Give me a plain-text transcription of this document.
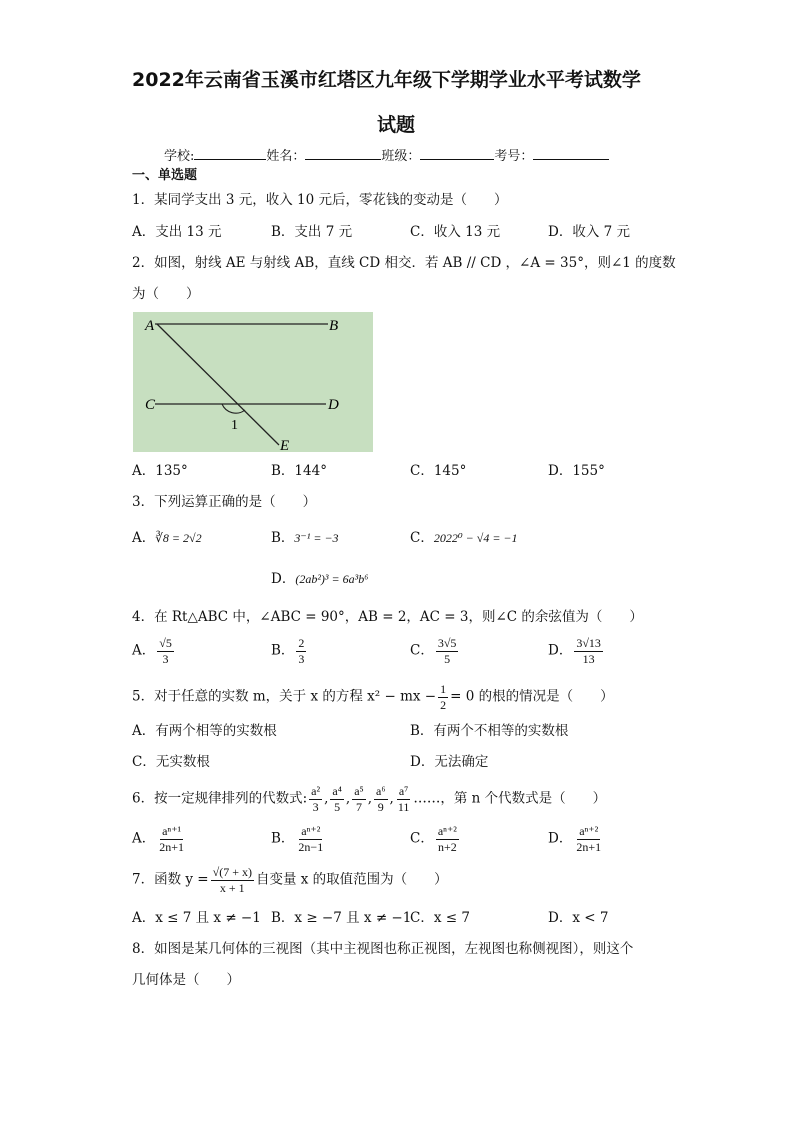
2022年云南省玉溪市红塔区九年级下学期学业水平考试数学
试题
学校:	姓名：	班级：	考号：
一、单选题
1．某同学支出 3 元，收入 10 元后，零花钱的变动是（　　）
A．支出 13 元	B．支出 7 元	C．收入 13 元	D．收入 7 元
2．如图，射线 AE 与射线 AB，直线 CD 相交．若 AB // CD ，∠A = 35°，则∠1 的度数
为（　　）
A	B
C	D
E
1
A．135°	B．144°	C．145°	D．155°
3．下列运算正确的是（　　）
A．∛8 = 2√2	B．3⁻¹ = −3	C．2022⁰ − √4 = −1
D．(2ab²)³ = 6a³b⁶
4．在 Rt△ABC 中，∠ABC = 90°，AB = 2，AC = 3，则∠C 的余弦值为（　　）
A． $\frac{√5}{3}$	B． $\frac{2}{3}$	C． $\frac{3√5}{5}$	D． $\frac{3√13}{13}$
5．对于任意的实数 m，关于 x 的方程 x² − mx − $\frac{1}{2} = 0$ 的根的情况是（　　）
A．有两个相等的实数根	B．有两个不相等的实数根
C．无实数根	D．无法确定
6．按一定规律排列的代数式: $\frac{\text{a²}}{3}$ , $\frac{\text{a⁴}}{5}$ , $\frac{\text{a⁵}}{7}$ , $\frac{\text{a⁶}}{9}$ , $\frac{\text{a⁷}}{11}$ ……，第 n 个代数式是（　　）
A． $\frac{\text{aⁿ⁺¹}}{2n+1}$	B． $\frac{\text{aⁿ⁺²}}{2n-1}$	C． $\frac{\text{aⁿ⁺²}}{n+2}$	D． $\frac{\text{aⁿ⁺²}}{2n+1}$
7．函数 $y = \frac{√(7 + x)}{x + 1}$ 自变量 x 的取值范围为（　　）
A．x ≤ 7 且 x ≠ −1 B．x ≥ −7 且 x ≠ −1
C．x ≤ 7	D．x < 7
8．如图是某几何体的三视图（其中主视图也称正视图，左视图也称侧视图），则这个
几何体是（　　）
